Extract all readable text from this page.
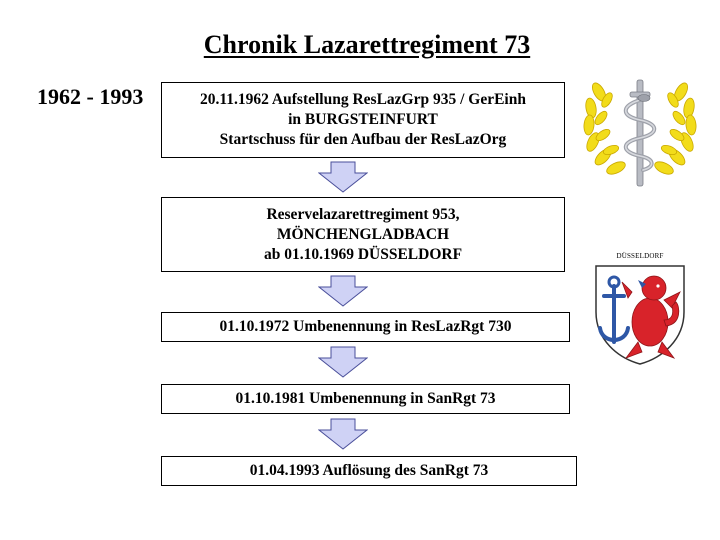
Chronik Lazarettregiment 73
1962 - 1993	20.11.1962 Aufstellung ResLazGrp 935 / GerEinh
in BURGSTEINFURT
Startschuss für den Aufbau der ResLazOrg
Reservelazarettregiment 953,
MÖNCHENGLADBACH
ab 01.10.1969 DÜSSELDORF
01.10.1972 Umbenennung in ResLazRgt 730
01.10.1981 Umbenennung in SanRgt 73
01.04.1993 Auflösung des SanRgt 73
DÜSSELDORF
